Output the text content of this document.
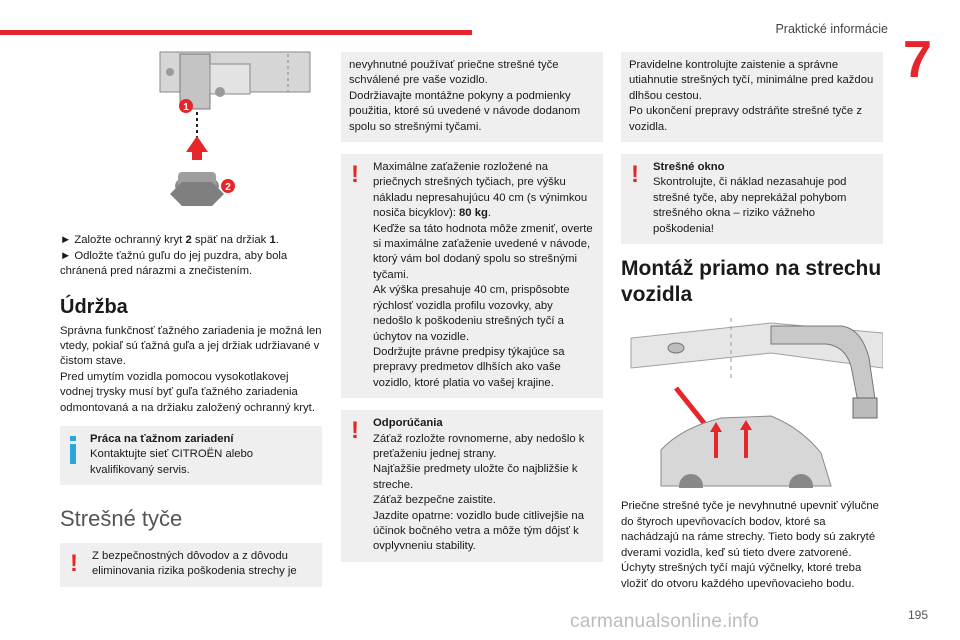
Praktické informácie
7
1
2

► Založte ochranný kryt 2 späť na držiak 1.

► Odložte ťažnú guľu do jej puzdra, aby bola chránená pred nárazmi a znečistením.

Údržba

Správna funkčnosť ťažného zariadenia je možná len vtedy, pokiaľ sú ťažná guľa a jej držiak udržiavané v čistom stave.

Pred umytím vozidla pomocou vysokotlakovej vodnej trysky musí byť guľa ťažného zariadenia odmontovaná a na držiaku založený ochranný kryt.

Práca na ťažnom zariadení

Kontaktujte sieť CITROËN alebo kvalifikovaný servis.

Strešné tyče
! Z bezpečnostných dôvodov a z dôvodu eliminovania rizika poškodenia strechy je

nevyhnutné používať priečne strešné tyče schválené pre vaše vozidlo.

Dodržiavajte montážne pokyny a podmienky použitia, ktoré sú uvedené v návode dodanom spolu so strešnými tyčami.

! Maximálne zaťaženie rozložené na priečnych strešných tyčiach, pre výšku nákladu nepresahujúcu 40 cm (s výnimkou nosiča bicyklov): 80 kg.

Keďže sa táto hodnota môže zmeniť, overte si maximálne zaťaženie uvedené v návode, ktorý vám bol dodaný spolu so strešnými tyčami.

Ak výška presahuje 40 cm, prispôsobte rýchlosť vozidla profilu vozovky, aby nedošlo k poškodeniu strešných tyčí a úchytov na vozidle.

Dodržujte právne predpisy týkajúce sa prepravy predmetov dlhších ako vaše vozidlo, ktoré platia vo vašej krajine.

! Odporúčania

Záťaž rozložte rovnomerne, aby nedošlo k preťaženiu jednej strany.

Najťažšie predmety uložte čo najbližšie k streche.

Záťaž bezpečne zaistite.

Jazdite opatrne: vozidlo bude citlivejšie na účinok bočného vetra a môže tým dôjsť k ovplyvneniu stability.

Pravidelne kontrolujte zaistenie a správne utiahnutie strešných tyčí, minimálne pred každou dlhšou cestou.

Po ukončení prepravy odstráňte strešné tyče z vozidla.

! Strešné okno

Skontrolujte, či náklad nezasahuje pod strešné tyče, aby neprekážal pohybom strešného okna – riziko vážneho poškodenia!

Montáž priamo na strechu vozidla

Priečne strešné tyče je nevyhnutné upevniť výlučne do štyroch upevňovacích bodov, ktoré sa nachádzajú na ráme strechy. Tieto body sú zakryté dverami vozidla, keď sú tieto dvere zatvorené.

Úchyty strešných tyčí majú výčnelky, ktoré treba vložiť do otvoru každého upevňovacieho bodu.

carmanualsonline.info	195
